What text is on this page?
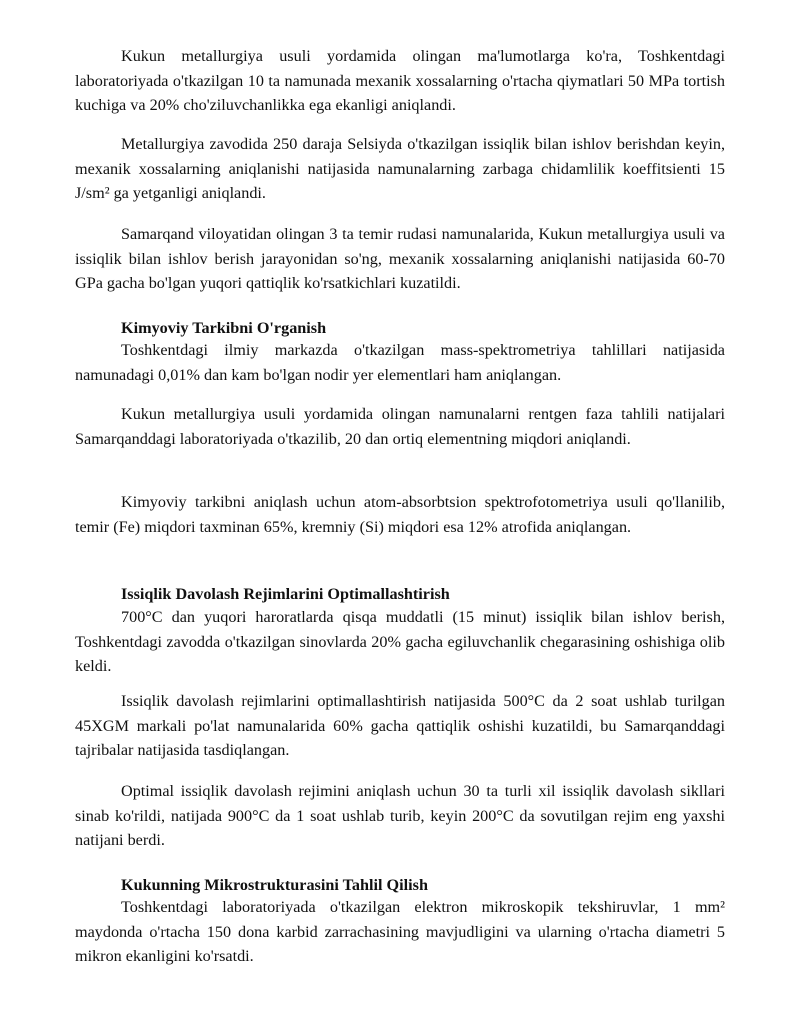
Kukun metallurgiya usuli yordamida olingan ma'lumotlarga ko'ra, Toshkentdagi laboratoriyada o'tkazilgan 10 ta namunada mexanik xossalarning o'rtacha qiymatlari 50 MPa tortish kuchiga va 20% cho'ziluvchanlikka ega ekanligi aniqlandi.

Metallurgiya zavodida 250 daraja Selsiyda o'tkazilgan issiqlik bilan ishlov berishdan keyin, mexanik xossalarning aniqlanishi natijasida namunalarning zarbaga chidamlilik koeffitsienti 15 J/sm² ga yetganligi aniqlandi.

Samarqand viloyatidan olingan 3 ta temir rudasi namunalarida, Kukun metallurgiya usuli va issiqlik bilan ishlov berish jarayonidan so'ng, mexanik xossalarning aniqlanishi natijasida 60-70 GPa gacha bo'lgan yuqori qattiqlik ko'rsatkichlari kuzatildi.

Kimyoviy Tarkibni O'rganish

Toshkentdagi ilmiy markazda o'tkazilgan mass-spektrometriya tahlillari natijasida namunadagi 0,01% dan kam bo'lgan nodir yer elementlari ham aniqlangan.

Kukun metallurgiya usuli yordamida olingan namunalarni rentgen faza tahlili natijalari Samarqanddagi laboratoriyada o'tkazilib, 20 dan ortiq elementning miqdori aniqlandi.

Kimyoviy tarkibni aniqlash uchun atom-absorbtsion spektrofotometriya usuli qo'llanilib, temir (Fe) miqdori taxminan 65%, kremniy (Si) miqdori esa 12% atrofida aniqlangan.

Issiqlik Davolash Rejimlarini Optimallashtirish

700°C dan yuqori haroratlarda qisqa muddatli (15 minut) issiqlik bilan ishlov berish, Toshkentdagi zavodda o'tkazilgan sinovlarda 20% gacha egiluvchanlik chegarasining oshishiga olib keldi.

Issiqlik davolash rejimlarini optimallashtirish natijasida 500°C da 2 soat ushlab turilgan 45XGM markali po'lat namunalarida 60% gacha qattiqlik oshishi kuzatildi, bu Samarqanddagi tajribalar natijasida tasdiqlangan.

Optimal issiqlik davolash rejimini aniqlash uchun 30 ta turli xil issiqlik davolash sikllari sinab ko'rildi, natijada 900°C da 1 soat ushlab turib, keyin 200°C da sovutilgan rejim eng yaxshi natijani berdi.

Kukunning Mikrostrukturasini Tahlil Qilish

Toshkentdagi laboratoriyada o'tkazilgan elektron mikroskopik tekshiruvlar, 1 mm² maydonda o'rtacha 150 dona karbid zarrachasining mavjudligini va ularning o'rtacha diametri 5 mikron ekanligini ko'rsatdi.
